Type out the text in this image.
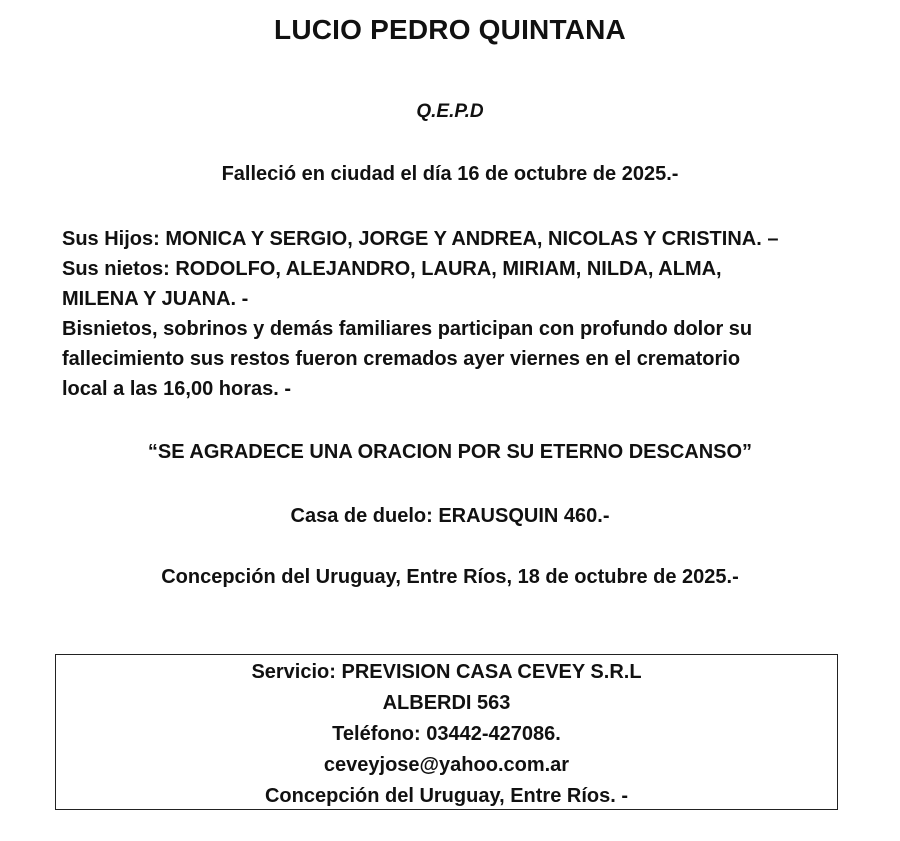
LUCIO PEDRO QUINTANA
Q.E.P.D
Falleció en ciudad el día 16 de octubre de 2025.-
Sus Hijos: MONICA Y SERGIO, JORGE Y ANDREA, NICOLAS Y CRISTINA. –
Sus nietos: RODOLFO, ALEJANDRO, LAURA, MIRIAM, NILDA, ALMA,
MILENA Y JUANA. -
Bisnietos, sobrinos y demás familiares participan con profundo dolor su
fallecimiento sus restos fueron cremados ayer viernes en el crematorio
local a las 16,00 horas. -
“SE AGRADECE UNA ORACION POR SU ETERNO DESCANSO”
Casa de duelo: ERAUSQUIN 460.-
Concepción del Uruguay, Entre Ríos, 18 de octubre de 2025.-
Servicio: PREVISION CASA CEVEY S.R.L
ALBERDI 563
Teléfono: 03442-427086.
ceveyjose@yahoo.com.ar
Concepción del Uruguay, Entre Ríos. -
